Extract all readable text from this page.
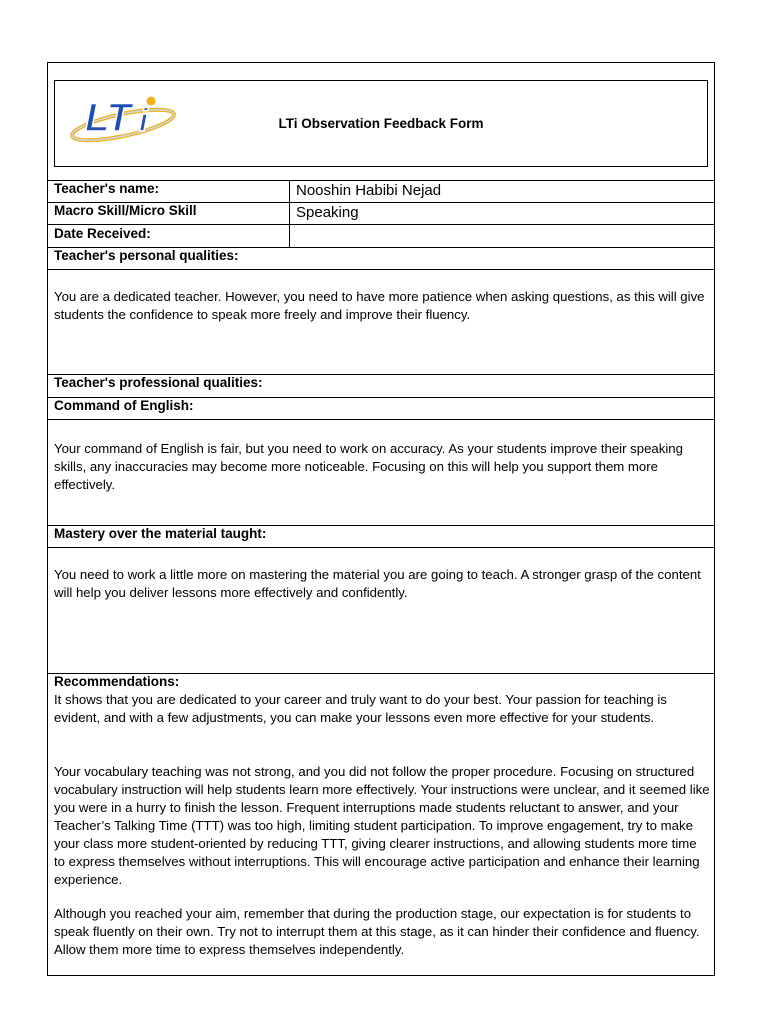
LT i	LTi Observation Feedback Form
Teacher's name:	Nooshin Habibi Nejad
Macro Skill/Micro Skill	Speaking
Date Received:
Teacher's personal qualities:

You are a dedicated teacher. However, you need to have more patience when asking questions, as this will give students the confidence to speak more freely and improve their fluency.

Teacher's professional qualities:
Command of English:

Your command of English is fair, but you need to work on accuracy. As your students improve their speaking skills, any inaccuracies may become more noticeable. Focusing on this will help you support them more effectively.

Mastery over the material taught:

You need to work a little more on mastering the material you are going to teach. A stronger grasp of the content will help you deliver lessons more effectively and confidently.

Recommendations:

It shows that you are dedicated to your career and truly want to do your best. Your passion for teaching is evident, and with a few adjustments, you can make your lessons even more effective for your students.

Your vocabulary teaching was not strong, and you did not follow the proper procedure. Focusing on structured vocabulary instruction will help students learn more effectively. Your instructions were unclear, and it seemed like you were in a hurry to finish the lesson. Frequent interruptions made students reluctant to answer, and your Teacher’s Talking Time (TTT) was too high, limiting student participation. To improve engagement, try to make your class more student-oriented by reducing TTT, giving clearer instructions, and allowing students more time to express themselves without interruptions. This will encourage active participation and enhance their learning experience.

Although you reached your aim, remember that during the production stage, our expectation is for students to speak fluently on their own. Try not to interrupt them at this stage, as it can hinder their confidence and fluency. Allow them more time to express themselves independently.
